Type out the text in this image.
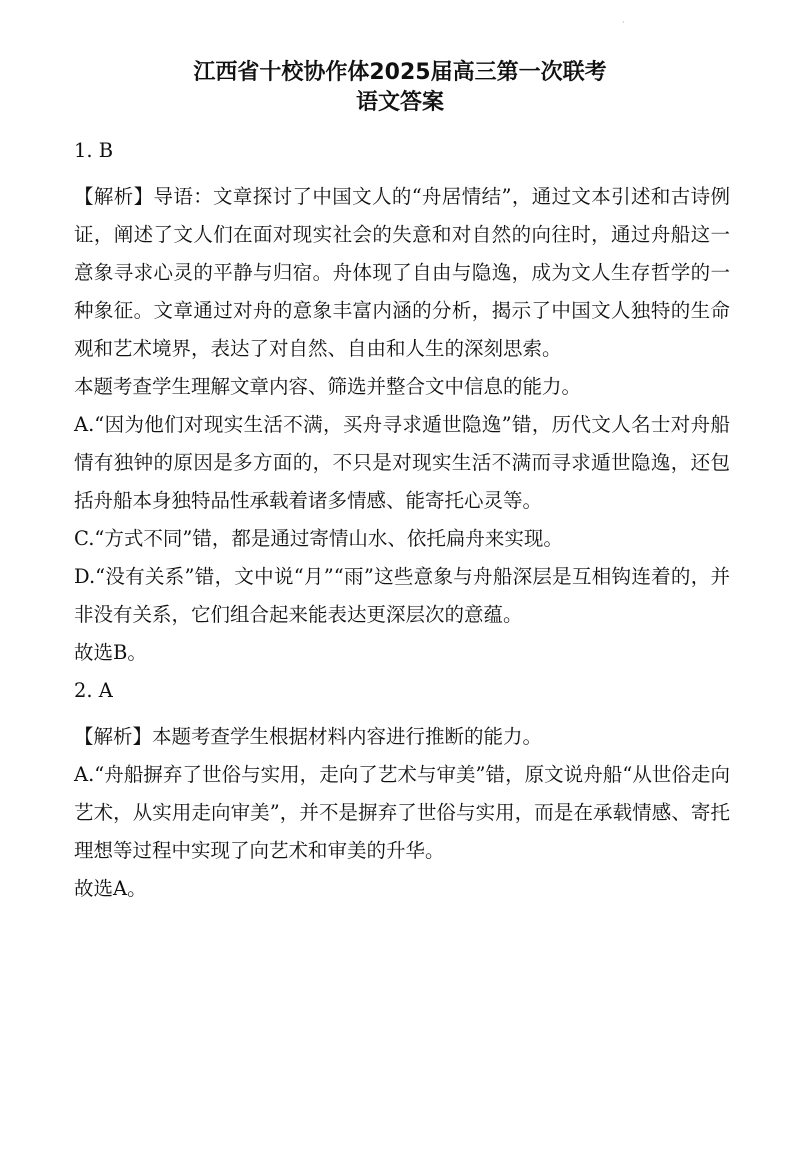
·
江西省十校协作体2025届高三第一次联考
语文答案

1. B

【解析】导语：文章探讨了中国文人的“舟居情结”，通过文本引述和古诗例证，阐述了文人们在面对现实社会的失意和对自然的向往时，通过舟船这一意象寻求心灵的平静与归宿。舟体现了自由与隐逸，成为文人生存哲学的一种象征。文章通过对舟的意象丰富内涵的分析，揭示了中国文人独特的生命观和艺术境界，表达了对自然、自由和人生的深刻思索。

本题考查学生理解文章内容、筛选并整合文中信息的能力。

A.“因为他们对现实生活不满，买舟寻求遁世隐逸”错，历代文人名士对舟船情有独钟的原因是多方面的，不只是对现实生活不满而寻求遁世隐逸，还包括舟船本身独特品性承载着诸多情感、能寄托心灵等。

C.“方式不同”错，都是通过寄情山水、依托扁舟来实现。

D.“没有关系”错，文中说“月”“雨”这些意象与舟船深层是互相钩连着的，并非没有关系，它们组合起来能表达更深层次的意蕴。

故选B。

2. A

【解析】本题考查学生根据材料内容进行推断的能力。

A.“舟船摒弃了世俗与实用，走向了艺术与审美”错，原文说舟船“从世俗走向艺术，从实用走向审美”，并不是摒弃了世俗与实用，而是在承载情感、寄托理想等过程中实现了向艺术和审美的升华。

故选A。
